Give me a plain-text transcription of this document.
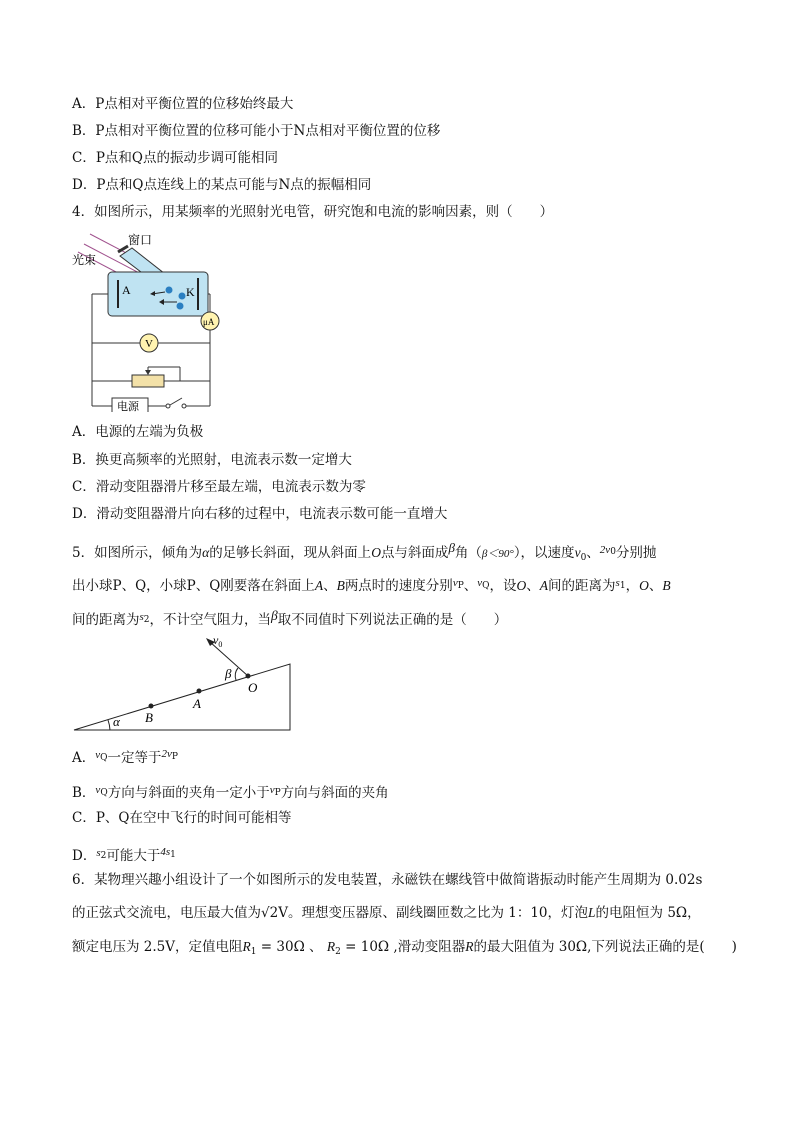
A．P点相对平衡位置的位移始终最大
B．P点相对平衡位置的位移可能小于N点相对平衡位置的位移
C．P点和Q点的振动步调可能相同
D．P点和Q点连线上的某点可能与N点的振幅相同
4．如图所示，用某频率的光照射光电管，研究饱和电流的影响因素，则（　　）
窗口
光束
A	K
μA
V
电源
A．电源的左端为负极
B．换更高频率的光照射，电流表示数一定增大
C．滑动变阻器滑片移至最左端，电流表示数为零
D．滑动变阻器滑片向右移的过程中，电流表示数可能一直增大
5．如图所示，倾角为α的足够长斜面，现从斜面上O点与斜面成β角（β＜90°），以速度$v_0$、$^{2v0}$分别抛
出小球P、Q，小球P、Q刚要落在斜面上A、B两点时的速度分别$^{vP}$、$^{vQ}$，设O、A间的距离为$^{s1}$，O、B
间的距离为$^{s2}$，不计空气阻力，当β取不同值时下列说法正确的是（　　）
α B
A
O
$v_0$
β
A．$^{vQ}$一定等于$^{2vP}$
B．$^{vQ}$方向与斜面的夹角一定小于$^{vP}$方向与斜面的夹角
C．P、Q在空中飞行的时间可能相等
D．$^{s2}$可能大于$^{4s1}$
6．某物理兴趣小组设计了一个如图所示的发电装置，永磁铁在螺线管中做简谐振动时能产生周期为 0.02s
的正弦式交流电，电压最大值为√2V。理想变压器原、副线圈匝数之比为 1：10，灯泡L的电阻恒为 5Ω，
额定电压为 2.5V，定值电阻$R_1 = 30\Omega$ 、 $R_2 = 10\Omega$ ,滑动变阻器R的最大阻值为 30Ω,下列说法正确的是(　　)
